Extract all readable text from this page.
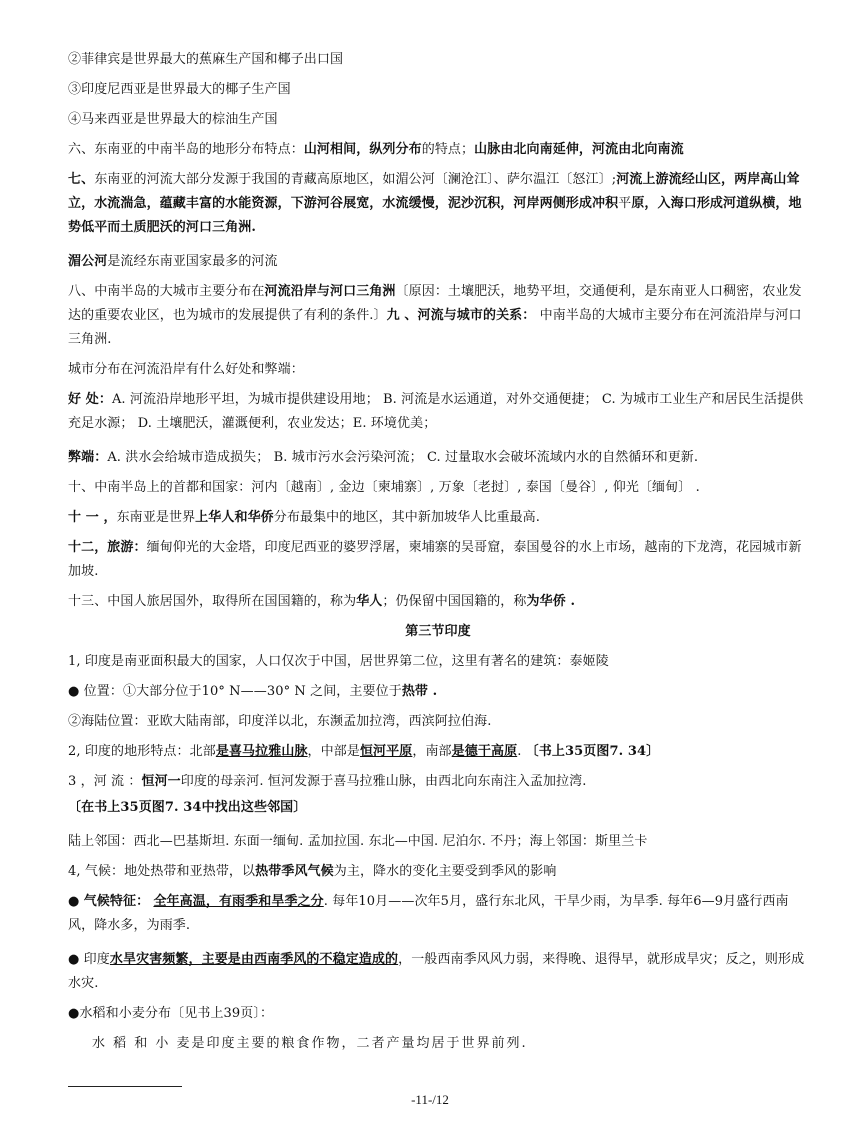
②菲律宾是世界最大的蕉麻生产国和椰子出口国

③印度尼西亚是世界最大的椰子生产国

④马来西亚是世界最大的棕油生产国

六、东南亚的中南半岛的地形分布特点：山河相间，纵列分布的特点；山脉由北向南延伸，河流由北向南流

七、东南亚的河流大部分发源于我国的青藏高原地区，如湄公河〔澜沧江〕、萨尔温江〔怒江〕;河流上游流经山区，两岸高山耸立，水流湍急，蕴藏丰富的水能资源，下游河谷展宽，水流缓慢，泥沙沉积，河岸两侧形成冲积平原，入海口形成河道纵横，地势低平而土质肥沃的河口三角洲.

湄公河是流经东南亚国家最多的河流

八、中南半岛的大城市主要分布在河流沿岸与河口三角洲〔原因：土壤肥沃，地势平坦，交通便利，是东南亚人口稠密，农业发达的重要农业区，也为城市的发展提供了有利的条件.〕九 、河流与城市的关系： 中南半岛的大城市主要分布在河流沿岸与河口三角洲.

城市分布在河流沿岸有什么好处和弊端：

好 处：A. 河流沿岸地形平坦，为城市提供建设用地； B. 河流是水运通道，对外交通便捷； C. 为城市工业生产和居民生活提供充足水源； D. 土壤肥沃，灌溉便利，农业发达；E. 环境优美；

弊端：A. 洪水会给城市造成损失； B. 城市污水会污染河流； C. 过量取水会破坏流域内水的自然循环和更新.

十、中南半岛上的首都和国家：河内〔越南〕, 金边〔柬埔寨〕, 万象〔老挝〕, 泰国〔曼谷〕, 仰光〔缅甸〕 .

十 一 ，东南亚是世界上华人和华侨分布最集中的地区，其中新加坡华人比重最高.

十二，旅游：缅甸仰光的大金塔，印度尼西亚的婆罗浮屠，柬埔寨的吴哥窟，泰国曼谷的水上市场，越南的下龙湾，花园城市新加坡.

十三、中国人旅居国外，取得所在国国籍的，称为华人；仍保留中国国籍的，称为华侨 .

第三节印度

1, 印度是南亚面积最大的国家，人口仅次于中国，居世界第二位，这里有著名的建筑：泰姬陵

● 位置：①大部分位于10° N——30° N 之间，主要位于热带 .

②海陆位置：亚欧大陆南部，印度洋以北，东濒孟加拉湾，西滨阿拉伯海.

2, 印度的地形特点：北部是喜马拉雅山脉，中部是恒河平原，南部是德干高原. 〔书上35页图7. 34〕

3 ，河 流 ：恒河一印度的母亲河. 恒河发源于喜马拉雅山脉，由西北向东南注入孟加拉湾.

〔在书上35页图7. 34中找出这些邻国〕

陆上邻国：西北—巴基斯坦. 东面一缅甸. 孟加拉国. 东北—中国. 尼泊尔. 不丹；海上邻国：斯里兰卡

4, 气候：地处热带和亚热带，以热带季风气候为主，降水的变化主要受到季风的影响

● 气候特征： 全年高温，有雨季和旱季之分. 每年10月——次年5月，盛行东北风，干旱少雨，为旱季. 每年6—9月盛行西南风，降水多，为雨季.

● 印度水旱灾害频繁，主要是由西南季风的不稳定造成的，一般西南季风风力弱，来得晚、退得早，就形成旱灾；反之，则形成水灾.

●水稻和小麦分布〔见书上39页〕：

水 稻 和 小 麦是印度主要的粮食作物，二者产量均居于世界前列.

-11-/12
